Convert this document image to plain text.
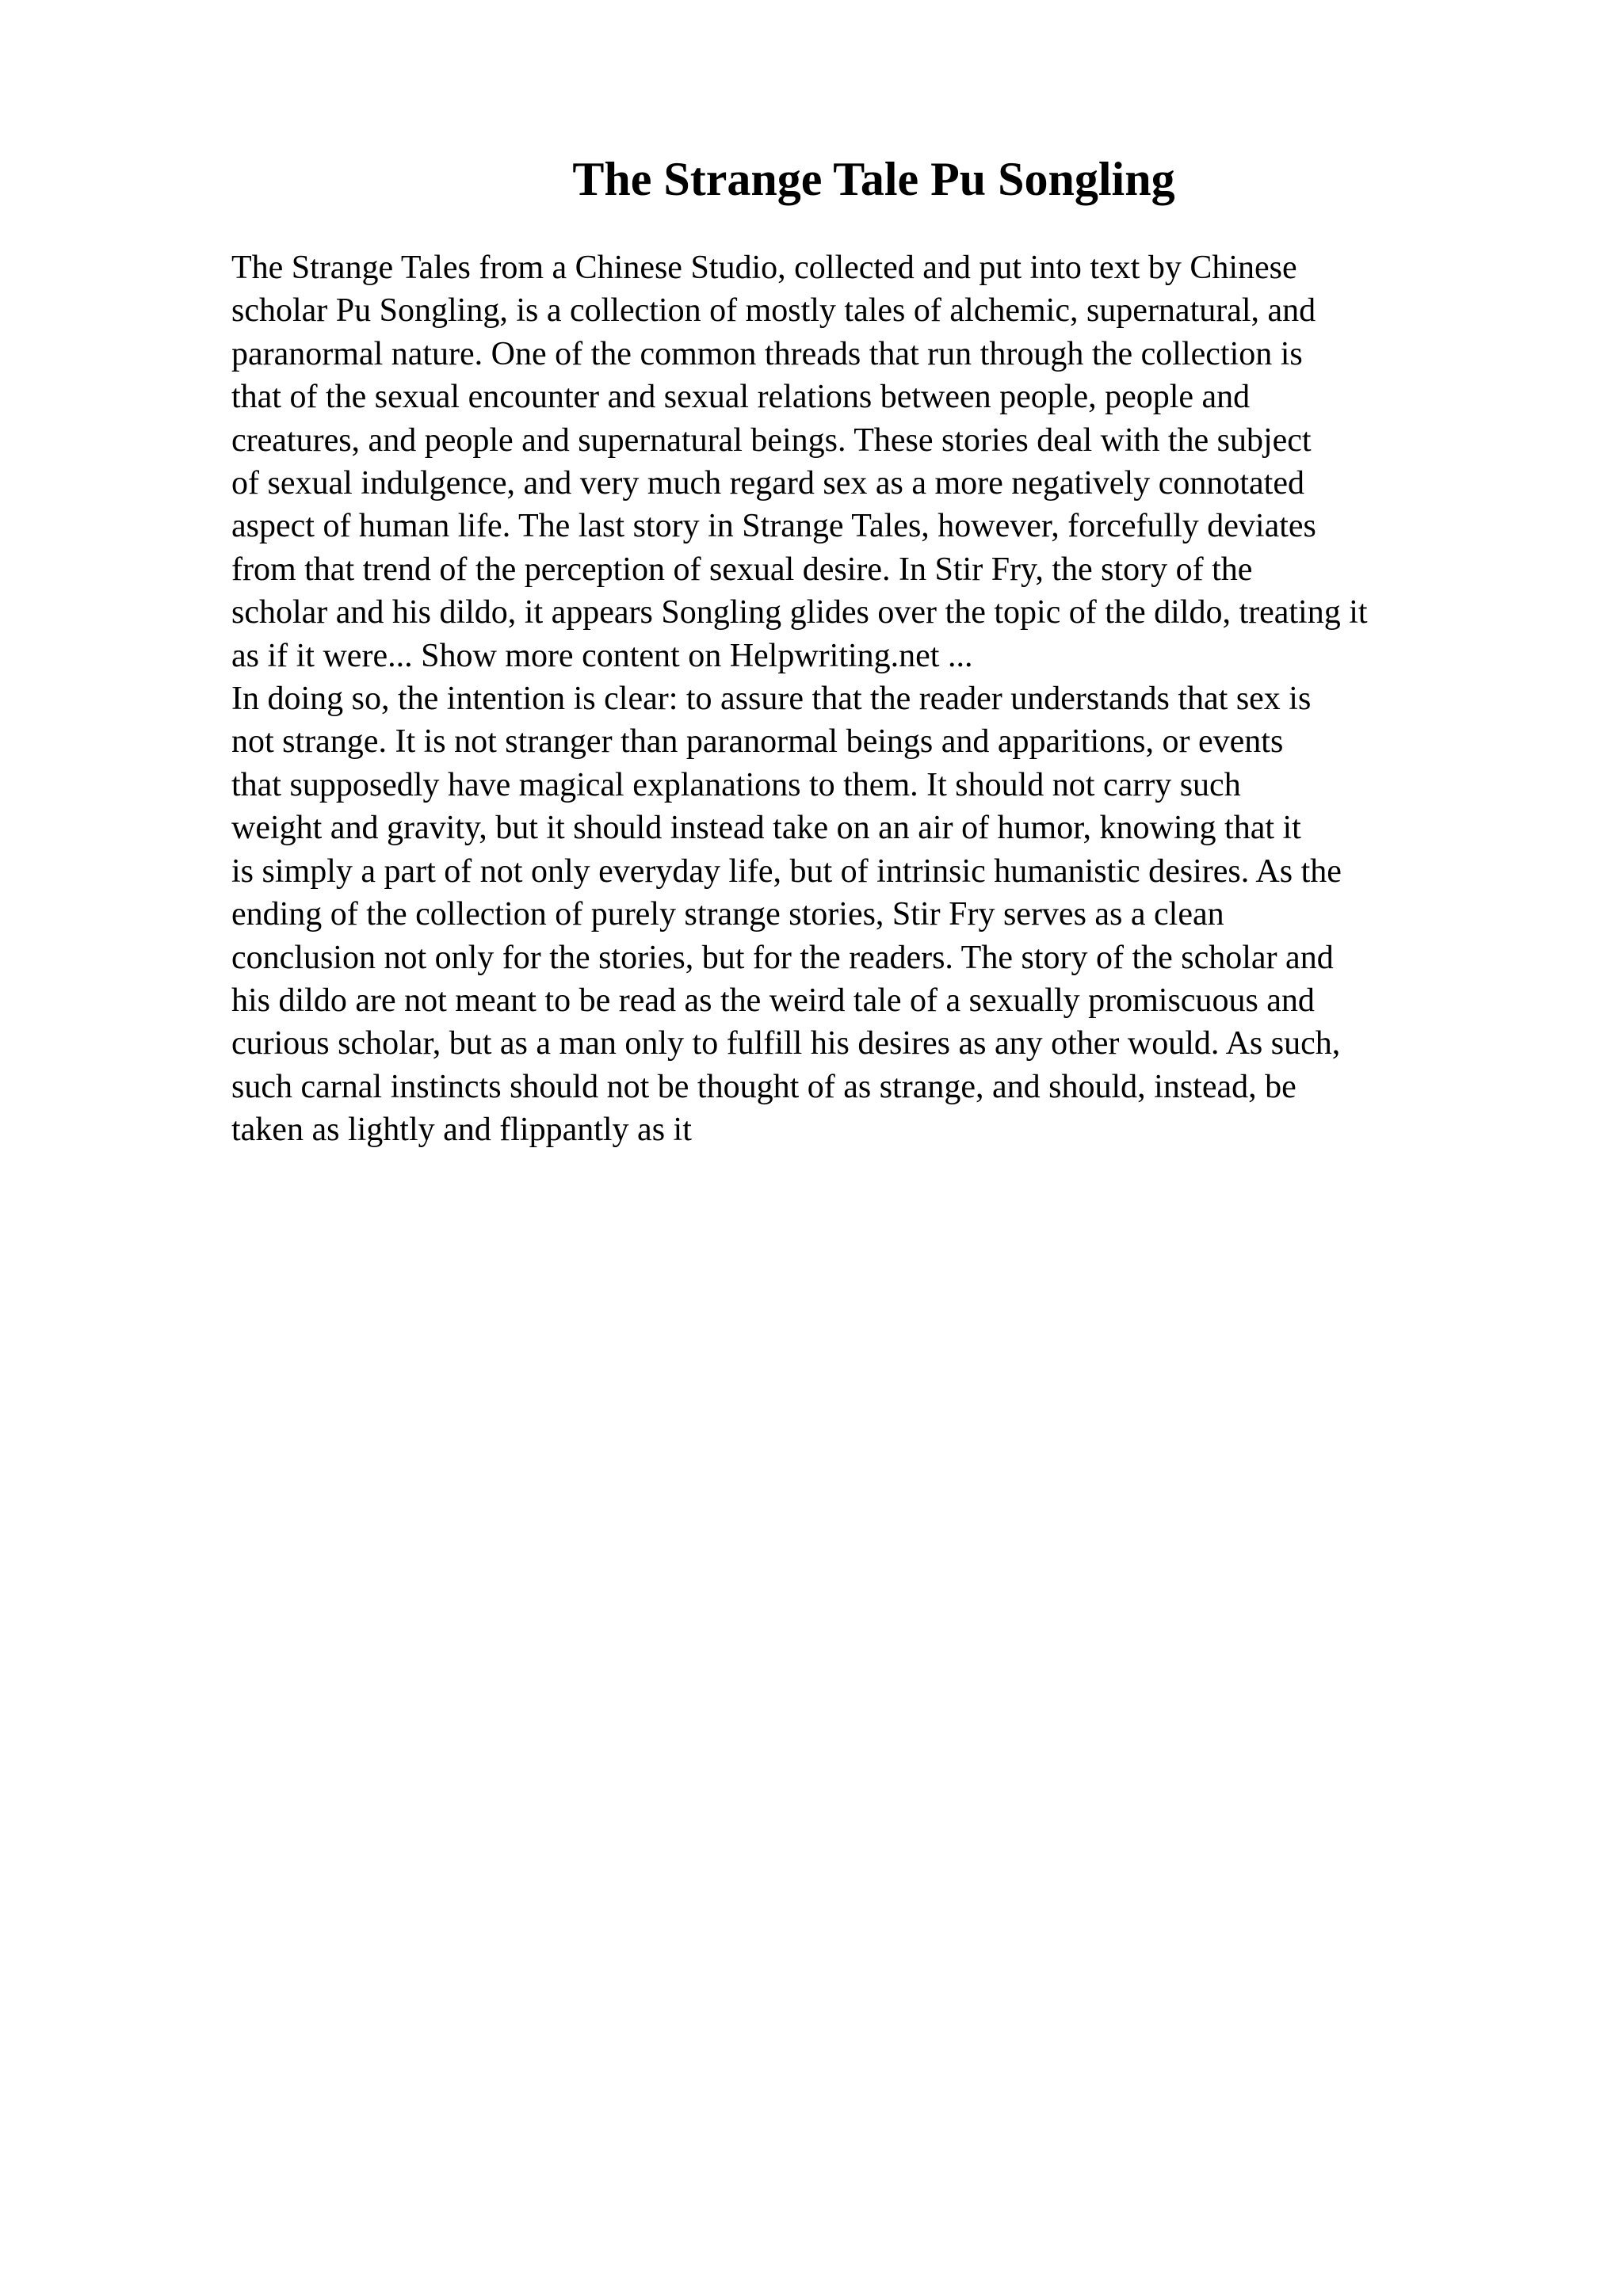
The Strange Tale Pu Songling
The Strange Tales from a Chinese Studio, collected and put into text by Chinese
scholar Pu Songling, is a collection of mostly tales of alchemic, supernatural, and
paranormal nature. One of the common threads that run through the collection is
that of the sexual encounter and sexual relations between people, people and
creatures, and people and supernatural beings. These stories deal with the subject
of sexual indulgence, and very much regard sex as a more negatively connotated
aspect of human life. The last story in Strange Tales, however, forcefully deviates
from that trend of the perception of sexual desire. In Stir Fry, the story of the
scholar and his dildo, it appears Songling glides over the topic of the dildo, treating it
as if it were... Show more content on Helpwriting.net ...
In doing so, the intention is clear: to assure that the reader understands that sex is
not strange. It is not stranger than paranormal beings and apparitions, or events
that supposedly have magical explanations to them. It should not carry such
weight and gravity, but it should instead take on an air of humor, knowing that it
is simply a part of not only everyday life, but of intrinsic humanistic desires. As the
ending of the collection of purely strange stories, Stir Fry serves as a clean
conclusion not only for the stories, but for the readers. The story of the scholar and
his dildo are not meant to be read as the weird tale of a sexually promiscuous and
curious scholar, but as a man only to fulfill his desires as any other would. As such,
such carnal instincts should not be thought of as strange, and should, instead, be
taken as lightly and flippantly as it
